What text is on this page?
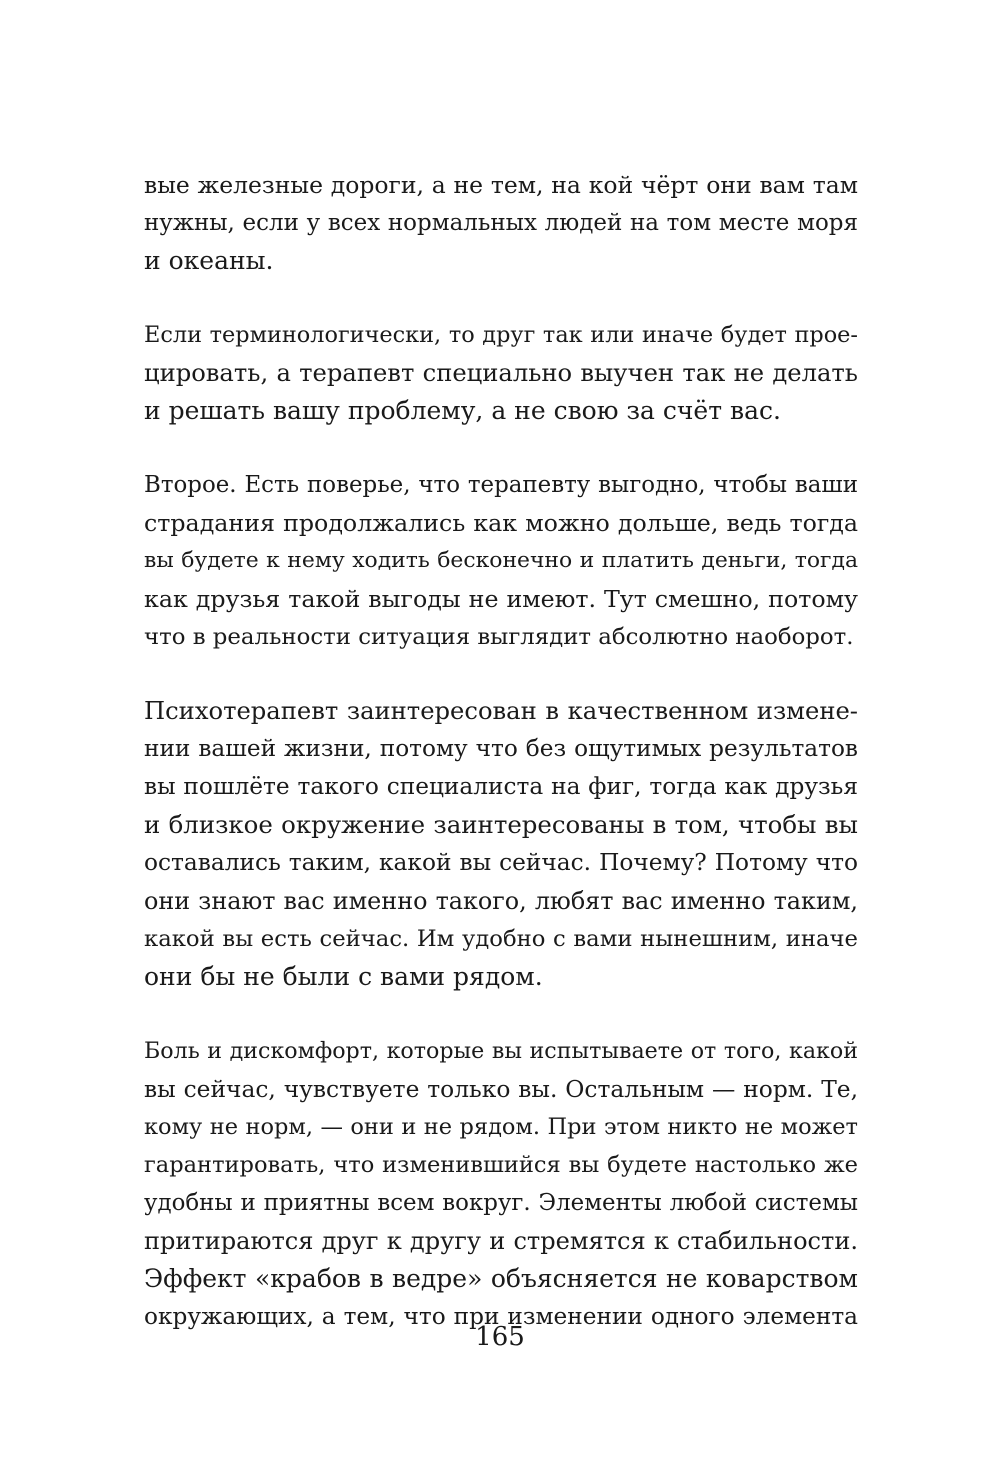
вые железные дороги, а не тем, на кой чёрт они вам там
нужны, если у всех нормальных людей на том месте моря
и океаны.

Если терминологически, то друг так или иначе будет прое-
цировать, а терапевт специально выучен так не делать
и решать вашу проблему, а не свою за счёт вас.

Второе. Есть поверье, что терапевту выгодно, чтобы ваши
страдания продолжались как можно дольше, ведь тогда
вы будете к нему ходить бесконечно и платить деньги, тогда
как друзья такой выгоды не имеют. Тут смешно, потому
что в реальности ситуация выглядит абсолютно наоборот.

Психотерапевт заинтересован в качественном измене-
нии вашей жизни, потому что без ощутимых результатов
вы пошлёте такого специалиста на фиг, тогда как друзья
и близкое окружение заинтересованы в том, чтобы вы
оставались таким, какой вы сейчас. Почему? Потому что
они знают вас именно такого, любят вас именно таким,
какой вы есть сейчас. Им удобно с вами нынешним, иначе
они бы не были с вами рядом.

Боль и дискомфорт, которые вы испытываете от того, какой
вы сейчас, чувствуете только вы. Остальным — норм. Те,
кому не норм, — они и не рядом. При этом никто не может
гарантировать, что изменившийся вы будете настолько же
удобны и приятны всем вокруг. Элементы любой системы
притираются друг к другу и стремятся к стабильности.
Эффект «крабов в ведре» объясняется не коварством
окружающих, а тем, что при изменении одного элемента

165
